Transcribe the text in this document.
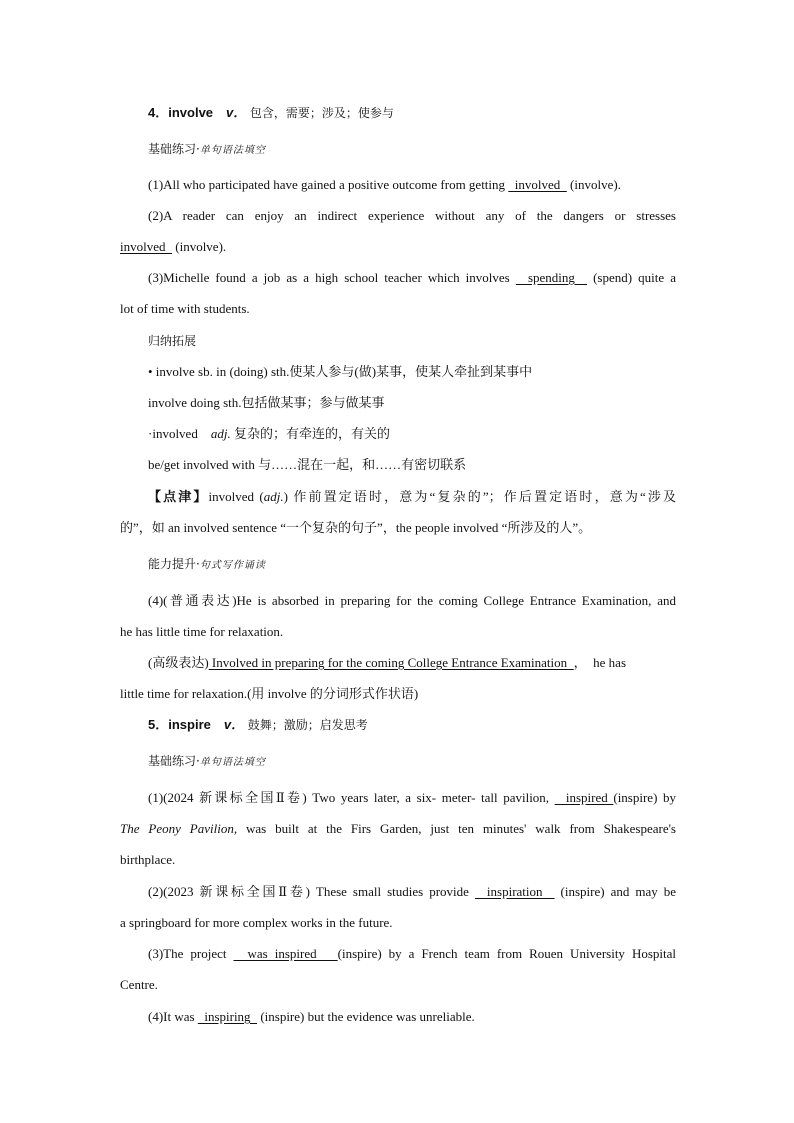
4．involve　v． 包含，需要；涉及；使参与
基础练习·单句语法填空
(1)All who participated have gained a positive outcome from getting   involved   (involve).
(2)A reader can enjoy an indirect experience without any of the dangers or stresses
involved   (involve).
(3)Michelle found a job as a high school teacher which involves   spending   (spend) quite a
lot of time with students.
归纳拓展
• involve sb. in (doing) sth.使某人参与(做)某事，使某人牵扯到某事中
involve doing sth.包括做某事；参与做某事
·involved　adj. 复杂的；有牵连的，有关的
be/get involved with 与……混在一起，和……有密切联系
【点津】involved (adj.) 作前置定语时，意为“复杂的”；作后置定语时，意为“涉及
的”，如 an involved sentence “一个复杂的句子”，the people involved “所涉及的人”。
能力提升·句式写作诵读
(4)(普通表达)He is absorbed in preparing for the coming College Entrance Examination, and
he has little time for relaxation.
(高级表达) Involved in preparing for the coming College Entrance Examination  ，　he has
little time for relaxation.(用 involve 的分词形式作状语)
5．inspire　v． 鼓舞；激励；启发思考
基础练习·单句语法填空
(1)(2024 新课标全国Ⅱ卷) Two years later, a six- meter- tall pavilion,   inspired (inspire) by
The Peony Pavilion, was built at the Firs Garden, just ten minutes' walk from Shakespeare's
birthplace.
(2)(2023 新课标全国Ⅱ卷) These small studies provide   inspiration   (inspire) and may be
a springboard for more complex works in the future.
(3)The project   was inspired   (inspire) by a French team from Rouen University Hospital
Centre.
(4)It was   inspiring   (inspire) but the evidence was unreliable.
